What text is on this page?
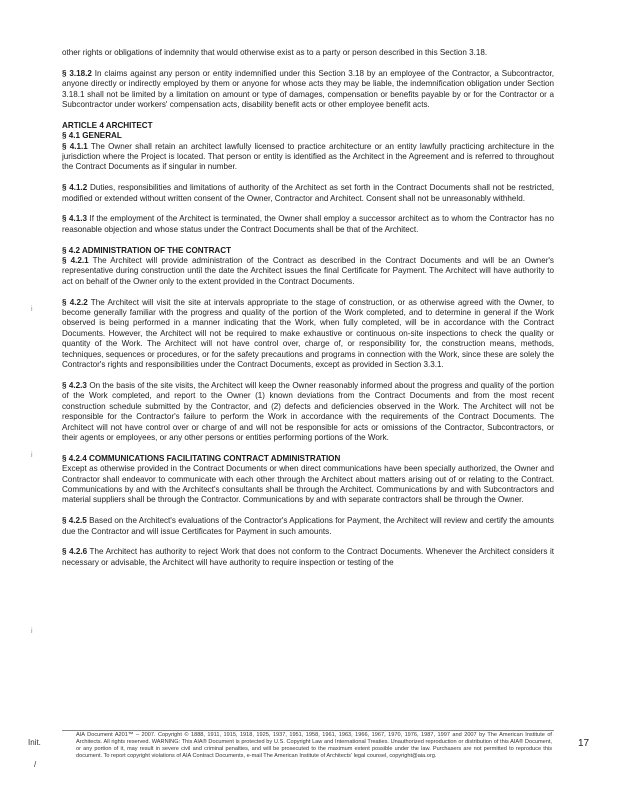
other rights or obligations of indemnity that would otherwise exist as to a party or person described in this Section 3.18.

§ 3.18.2 In claims against any person or entity indemnified under this Section 3.18 by an employee of the Contractor, a Subcontractor, anyone directly or indirectly employed by them or anyone for whose acts they may be liable, the indemnification obligation under Section 3.18.1 shall not be limited by a limitation on amount or type of damages, compensation or benefits payable by or for the Contractor or a Subcontractor under workers' compensation acts, disability benefit acts or other employee benefit acts.

ARTICLE 4 ARCHITECT

§ 4.1 GENERAL

§ 4.1.1 The Owner shall retain an architect lawfully licensed to practice architecture or an entity lawfully practicing architecture in the jurisdiction where the Project is located. That person or entity is identified as the Architect in the Agreement and is referred to throughout the Contract Documents as if singular in number.

§ 4.1.2 Duties, responsibilities and limitations of authority of the Architect as set forth in the Contract Documents shall not be restricted, modified or extended without written consent of the Owner, Contractor and Architect. Consent shall not be unreasonably withheld.

§ 4.1.3 If the employment of the Architect is terminated, the Owner shall employ a successor architect as to whom the Contractor has no reasonable objection and whose status under the Contract Documents shall be that of the Architect.

§ 4.2 ADMINISTRATION OF THE CONTRACT

§ 4.2.1 The Architect will provide administration of the Contract as described in the Contract Documents and will be an Owner's representative during construction until the date the Architect issues the final Certificate for Payment. The Architect will have authority to act on behalf of the Owner only to the extent provided in the Contract Documents.

§ 4.2.2 The Architect will visit the site at intervals appropriate to the stage of construction, or as otherwise agreed with the Owner, to become generally familiar with the progress and quality of the portion of the Work completed, and to determine in general if the Work observed is being performed in a manner indicating that the Work, when fully completed, will be in accordance with the Contract Documents. However, the Architect will not be required to make exhaustive or continuous on-site inspections to check the quality or quantity of the Work. The Architect will not have control over, charge of, or responsibility for, the construction means, methods, techniques, sequences or procedures, or for the safety precautions and programs in connection with the Work, since these are solely the Contractor's rights and responsibilities under the Contract Documents, except as provided in Section 3.3.1.

§ 4.2.3 On the basis of the site visits, the Architect will keep the Owner reasonably informed about the progress and quality of the portion of the Work completed, and report to the Owner (1) known deviations from the Contract Documents and from the most recent construction schedule submitted by the Contractor, and (2) defects and deficiencies observed in the Work. The Architect will not be responsible for the Contractor's failure to perform the Work in accordance with the requirements of the Contract Documents. The Architect will not have control over or charge of and will not be responsible for acts or omissions of the Contractor, Subcontractors, or their agents or employees, or any other persons or entities performing portions of the Work.

§ 4.2.4 COMMUNICATIONS FACILITATING CONTRACT ADMINISTRATION

Except as otherwise provided in the Contract Documents or when direct communications have been specially authorized, the Owner and Contractor shall endeavor to communicate with each other through the Architect about matters arising out of or relating to the Contract. Communications by and with the Architect's consultants shall be through the Architect. Communications by and with Subcontractors and material suppliers shall be through the Contractor. Communications by and with separate contractors shall be through the Owner.

§ 4.2.5 Based on the Architect's evaluations of the Contractor's Applications for Payment, the Architect will review and certify the amounts due the Contractor and will issue Certificates for Payment in such amounts.

§ 4.2.6 The Architect has authority to reject Work that does not conform to the Contract Documents. Whenever the Architect considers it necessary or advisable, the Architect will have authority to require inspection or testing of the

i
i
i
Init.
/
AIA Document A201™ – 2007. Copyright © 1888, 1911, 1915, 1918, 1925, 1937, 1951, 1958, 1961, 1963, 1966, 1967, 1970, 1976, 1987, 1997 and 2007 by The American Institute of Architects. All rights reserved. WARNING: This AIA® Document is protected by U.S. Copyright Law and International Treaties. Unauthorized reproduction or distribution of this AIA® Document, or any portion of it, may result in severe civil and criminal penalties, and will be prosecuted to the maximum extent possible under the law. Purchasers are not permitted to reproduce this document. To report copyright violations of AIA Contract Documents, e-mail The American Institute of Architects' legal counsel, copyright@aia.org.
17
